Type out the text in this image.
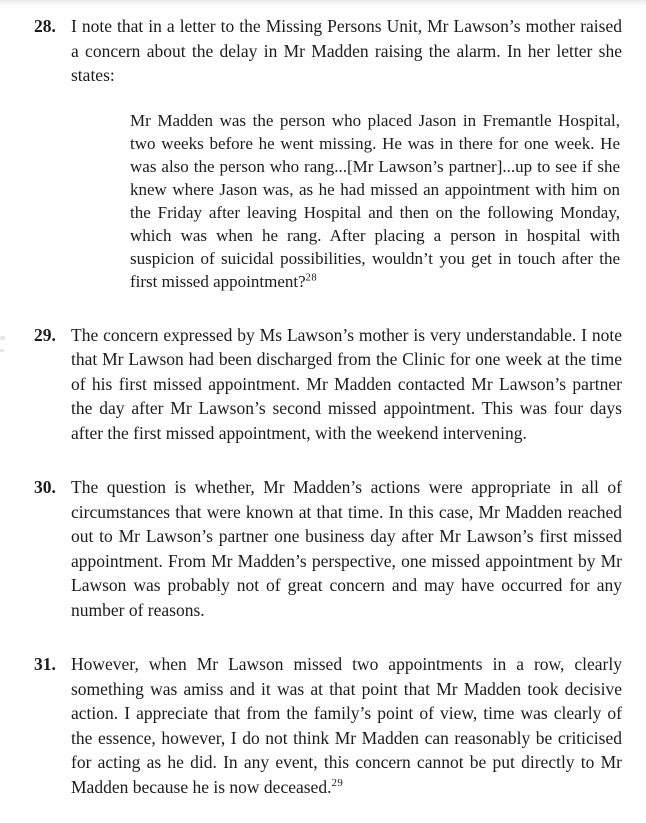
28. I note that in a letter to the Missing Persons Unit, Mr Lawson’s mother raised a concern about the delay in Mr Madden raising the alarm. In her letter she states:
Mr Madden was the person who placed Jason in Fremantle Hospital, two weeks before he went missing. He was in there for one week. He was also the person who rang...[Mr Lawson’s partner]...up to see if she knew where Jason was, as he had missed an appointment with him on the Friday after leaving Hospital and then on the following Monday, which was when he rang. After placing a person in hospital with suspicion of suicidal possibilities, wouldn’t you get in touch after the first missed appointment?$^{28}$
29. The concern expressed by Ms Lawson’s mother is very understandable. I note that Mr Lawson had been discharged from the Clinic for one week at the time of his first missed appointment. Mr Madden contacted Mr Lawson’s partner the day after Mr Lawson’s second missed appointment. This was four days after the first missed appointment, with the weekend intervening.
30. The question is whether, Mr Madden’s actions were appropriate in all of circumstances that were known at that time. In this case, Mr Madden reached out to Mr Lawson’s partner one business day after Mr Lawson’s first missed appointment. From Mr Madden’s perspective, one missed appointment by Mr Lawson was probably not of great concern and may have occurred for any number of reasons.
31. However, when Mr Lawson missed two appointments in a row, clearly something was amiss and it was at that point that Mr Madden took decisive action. I appreciate that from the family’s point of view, time was clearly of the essence, however, I do not think Mr Madden can reasonably be criticised for acting as he did. In any event, this concern cannot be put directly to Mr Madden because he is now deceased.$^{29}$
